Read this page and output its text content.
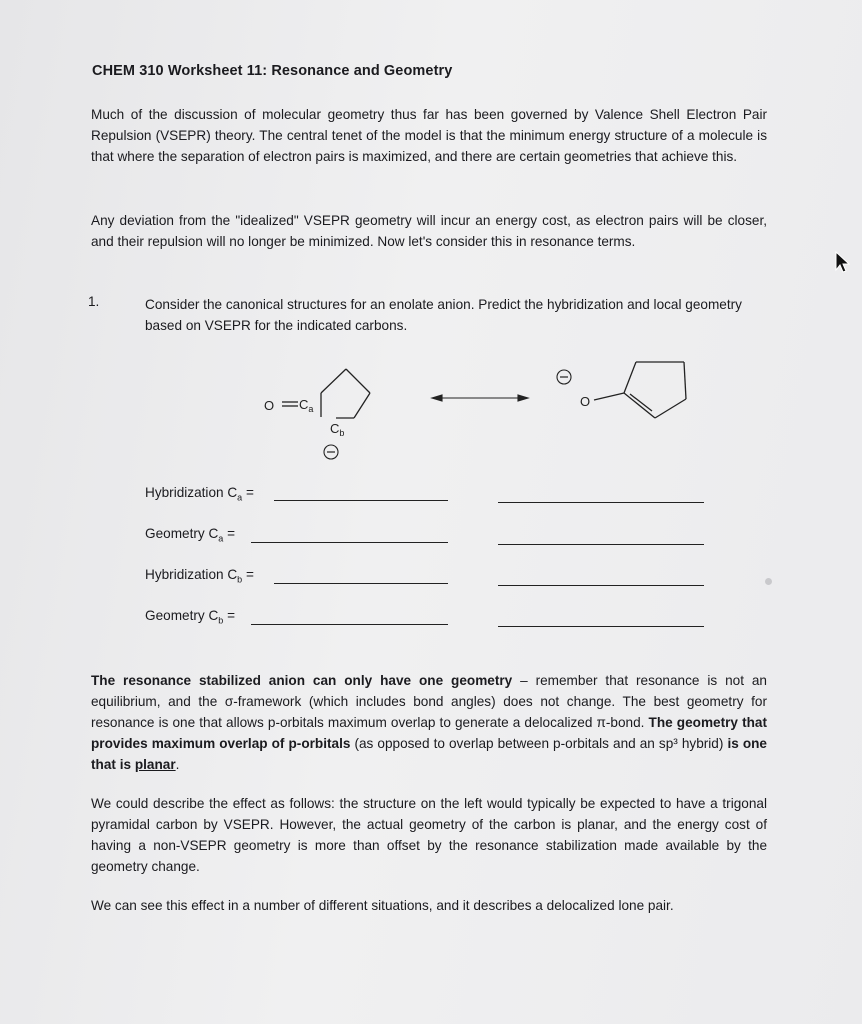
CHEM 310 Worksheet 11: Resonance and Geometry
Much of the discussion of molecular geometry thus far has been governed by Valence Shell Electron Pair Repulsion (VSEPR) theory. The central tenet of the model is that the minimum energy structure of a molecule is that where the separation of electron pairs is maximized, and there are certain geometries that achieve this.
Any deviation from the "idealized" VSEPR geometry will incur an energy cost, as electron pairs will be closer, and their repulsion will no longer be minimized. Now let's consider this in resonance terms.
1.	Consider the canonical structures for an enolate anion. Predict the hybridization and local geometry based on VSEPR for the indicated carbons.
O $C_a$
$C_b$
O
Hybridization $C_a$ =
Geometry $C_a$ =
Hybridization $C_b$ =
Geometry $C_b$ =
The resonance stabilized anion can only have one geometry – remember that resonance is not an equilibrium, and the σ-framework (which includes bond angles) does not change. The best geometry for resonance is one that allows p-orbitals maximum overlap to generate a delocalized π-bond. The geometry that provides maximum overlap of p-orbitals (as opposed to overlap between p-orbitals and an sp³ hybrid) is one that is planar.
We could describe the effect as follows: the structure on the left would typically be expected to have a trigonal pyramidal carbon by VSEPR. However, the actual geometry of the carbon is planar, and the energy cost of having a non-VSEPR geometry is more than offset by the resonance stabilization made available by the geometry change.
We can see this effect in a number of different situations, and it describes a delocalized lone pair.
